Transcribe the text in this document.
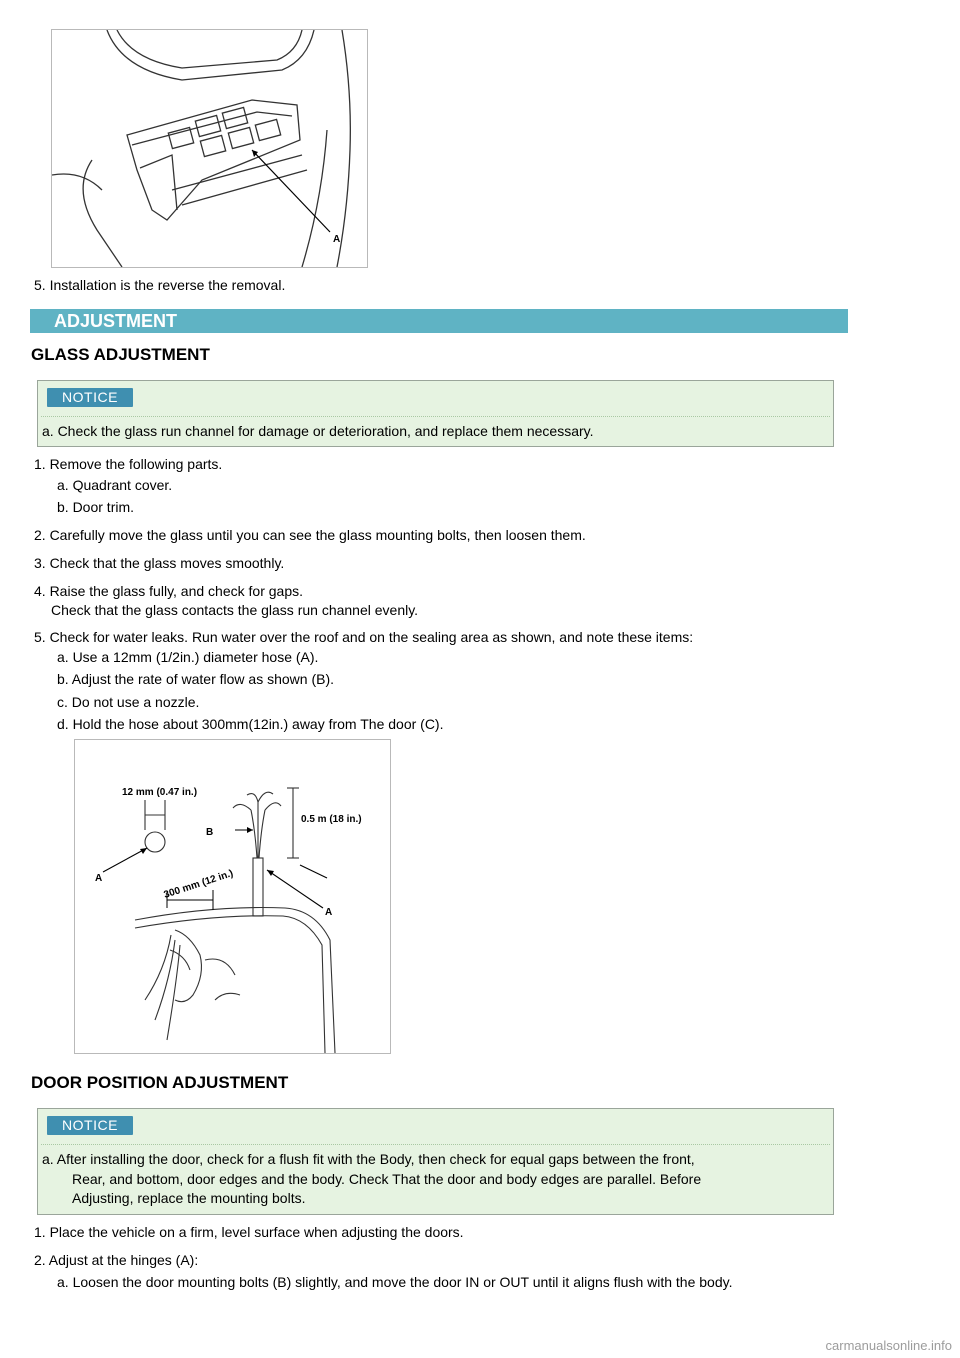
A
5. Installation is the reverse the removal.
ADJUSTMENT
GLASS ADJUSTMENT
NOTICE
a. Check the glass run channel for damage or deterioration, and replace them necessary.
1. Remove the following parts.
a. Quadrant cover.
b. Door trim.
2. Carefully move the glass until you can see the glass mounting bolts, then loosen them.
3. Check that the glass moves smoothly.
4. Raise the glass fully, and check for gaps.
Check that the glass contacts the glass run channel evenly.
5. Check for water leaks. Run water over the roof and on the sealing area as shown, and note these items:
a. Use a 12mm (1/2in.) diameter hose (A).
b. Adjust the rate of water flow as shown (B).
c. Do not use a nozzle.
d. Hold the hose about 300mm(12in.) away from The door (C).
12 mm (0.47 in.)
B
0.5 m (18 in.)
A	300 mm (12 in.)
A
DOOR POSITION ADJUSTMENT
NOTICE
a. After installing the door, check for a flush fit with the Body, then check for equal gaps between the front,
Rear, and bottom, door edges and the body. Check That the door and body edges are parallel. Before
Adjusting, replace the mounting bolts.
1. Place the vehicle on a firm, level surface when adjusting the doors.
2. Adjust at the hinges (A):
a. Loosen the door mounting bolts (B) slightly, and move the door IN or OUT until it aligns flush with the body.
carmanualsonline.info
